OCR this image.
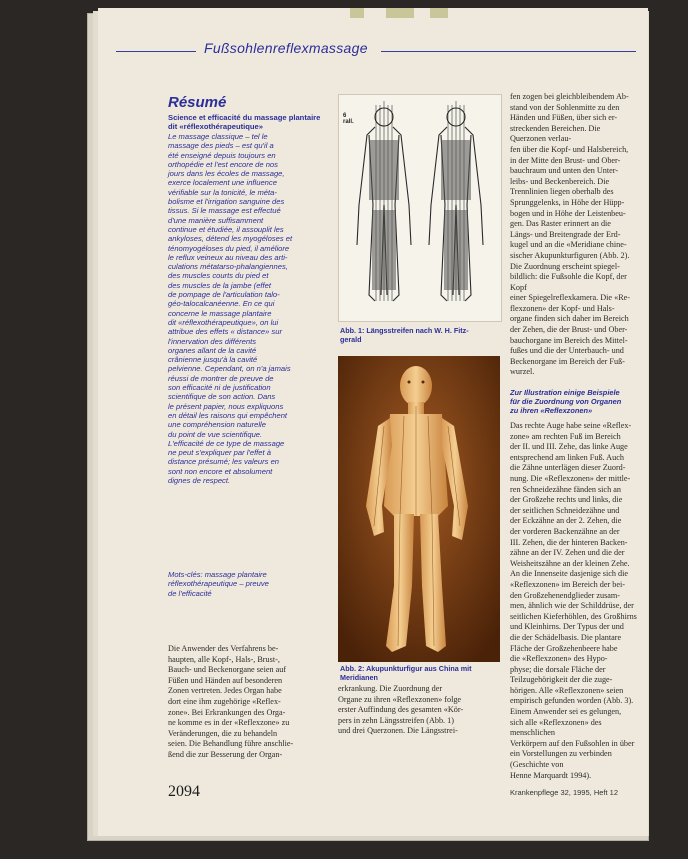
Fußsohlenreflexmassage
Résumé
Science et efficacité du massage plantaire dit «réflexothérapeutique»
Le massage classique – tel le
massage des pieds – est qu'il a
été enseigné depuis toujours en
orthopédie et l'est encore de nos
jours dans les écoles de massage,
exerce localement une influence
vérifiable sur la tonicité, le méta-
bolisme et l'irrigation sanguine des
tissus. Si le massage est effectué
d'une manière suffisamment
continue et étudiée, il assouplit les
ankyloses, détend les myogéloses et
ténomyogéloses du pied, il améliore
le reflux veineux au niveau des arti-
culations métatarso-phalangiennes,
des muscles courts du pied et
des muscles de la jambe (effet
de pompage de l'articulation talo-
géo-talocalcanéenne. En ce qui
concerne le massage plantaire
dit «réflexothérapeutique», on lui
attribue des effets « distance» sur
l'innervation des différents
organes allant de la cavité
crânienne jusqu'à la cavité
pelvienne. Cependant, on n'a jamais
réussi de montrer de preuve de
son efficacité ni de justification
scientifique de son action. Dans
le présent papier, nous expliquons
en détail les raisons qui empêchent
une compréhension naturelle
du point de vue scientifique.
L'efficacité de ce type de massage
ne peut s'expliquer par l'effet à
distance présumé; les valeurs en
sont non encore et absolument
dignes de respect.
Mots-clés: massage plantaire
réflexothérapeutique – preuve
de l'efficacité
Die Anwender des Verfahrens be-
haupten, alle Kopf-, Hals-, Brust-,
Bauch- und Beckenorgane seien auf
Füßen und Händen auf besonderen
Zonen vertreten. Jedes Organ habe
dort eine ihm zugehörige «Reflex-
zone». Bei Erkrankungen des Orga-
ne komme es in der «Reflexzone» zu
Veränderungen, die zu behandeln
seien. Die Behandlung führe anschlie-
ßend die zur Besserung der Organ-
6
rall.
Abb. 1: Längsstreifen nach W. H. Fitz-
gerald
Abb. 2: Akupunkturfigur aus China mit
Meridianen
erkrankung. Die Zuordnung der
Organe zu ihren «Reflexzonen» folge
erster Auffindung des gesamten «Kör-
pers in zehn Längsstreifen (Abb. 1)
und drei Querzonen. Die Längsstrei-
fen zogen bei gleichbleibendem Ab-
stand von der Sohlenmitte zu den
Händen und Füßen, über sich er-
streckenden Bereichen. Die Querzonen verlau-
fen über die Kopf- und Halsbereich,
in der Mitte den Brust- und Ober-
bauchraum und unten den Unter-
leibs- und Beckenbereich. Die
Trennlinien liegen oberhalb des
Sprunggelenks, in Höhe der Hüpp-
bogen und in Höhe der Leistenbeu-
gen. Das Raster erinnert an die
Längs- und Breitengrade der Erd-
kugel und an die «Meridiane chine-
sischer Akupunkturfiguren (Abb. 2).
Die Zuordnung erscheint spiegel-
bildlich: die Fußsohle die Kopf, der Kopf
einer Spiegelreflexkamera. Die «Re-
flexzonen» der Kopf- und Hals-
organe finden sich daher im Bereich
der Zehen, die der Brust- und Ober-
bauchorgane im Bereich des Mittel-
fußes und die der Unterbauch- und
Beckenorgane im Bereich der Fuß-
wurzel.
Zur Illustration einige Beispiele
für die Zuordnung von Organen
zu ihren «Reflexzonen»
Das rechte Auge habe seine «Reflex-
zone» am rechten Fuß im Bereich
der II. und III. Zehe, das linke Auge
entsprechend am linken Fuß. Auch
die Zähne unterlägen dieser Zuord-
nung. Die «Reflexzonen» der mittle-
ren Schneidezähne fänden sich an
der Großzehe rechts und links, die
der seitlichen Schneidezähne und
der Eckzähne an der 2. Zehen, die
der vorderen Backenzähne an der
III. Zehen, die der hinteren Backen-
zähne an der IV. Zehen und die der
Weisheitszähne an der kleinen Zehe.
An die Innenseite dasjenige sich die
«Reflexzonen» im Bereich der bei-
den Großzehenendglieder zusam-
men, ähnlich wie der Schilddrüse, der
seitlichen Kieferhöhlen, des Großhirns
und Kleinhirns. Der Typus der und
die der Schädelbasis. Die plantare
Fläche der Großzehenbeere habe
die «Reflexzonen» des Hypo-
physe; die dorsale Fläche der
Teilzugehörigkeit der die zuge-
hörigen. Alle «Reflexzonen» seien
empirisch gefunden worden (Abb. 3).
Einem Anwender sei es gelungen,
sich alle «Reflexzonen» des menschlichen
Verkörpern auf den Fußsohlen in über
ein Vorstellungen zu verbinden (Geschichte von
Henne Marquardt 1994).
2094	Krankenpflege 32, 1995, Heft 12
